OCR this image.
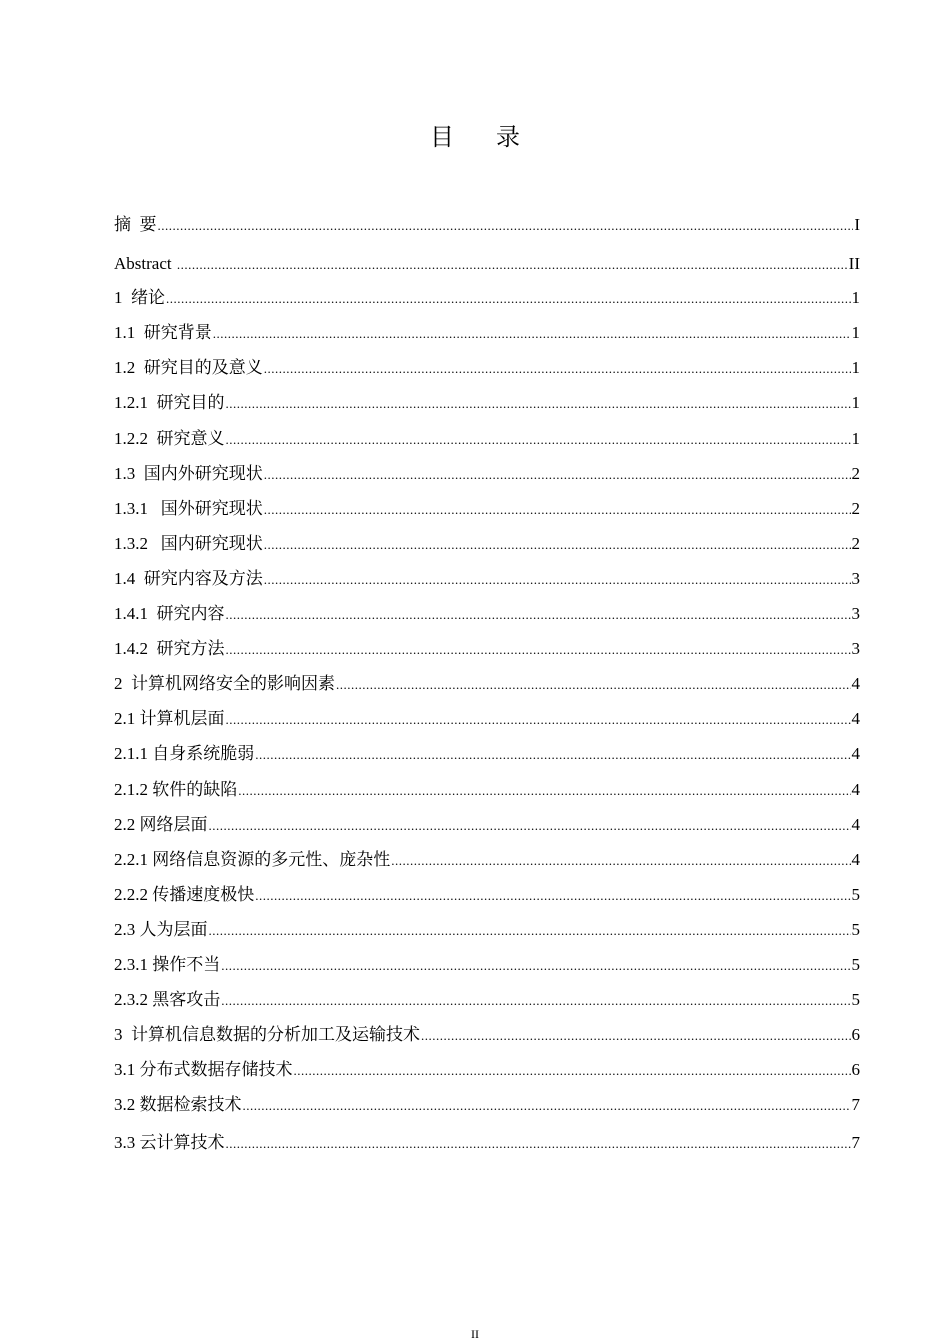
目 录
摘  要 .....	I
Abstract .....	II
1  绪论 .....	1
1.1  研究背景 .....	1
1.2  研究目的及意义 .....	1
1.2.1  研究目的 .....	1
1.2.2  研究意义 .....	1
1.3  国内外研究现状 .....	2
1.3.1   国外研究现状 .....	2
1.3.2   国内研究现状 .....	2
1.4  研究内容及方法 .....	3
1.4.1  研究内容 .....	3
1.4.2  研究方法 .....	3
2  计算机网络安全的影响因素 .....	4
2.1 计算机层面 .....	4
2.1.1 自身系统脆弱 .....	4
2.1.2 软件的缺陷 .....	4
2.2 网络层面 .....	4
2.2.1 网络信息资源的多元性、庞杂性 .....	4
2.2.2 传播速度极快 .....	5
2.3 人为层面 .....	5
2.3.1 操作不当 .....	5
2.3.2 黑客攻击 .....	5
3  计算机信息数据的分析加工及运输技术 .....	6
3.1 分布式数据存储技术 .....	6
3.2 数据检索技术 .....	7
3.3 云计算技术 .....	7
II
